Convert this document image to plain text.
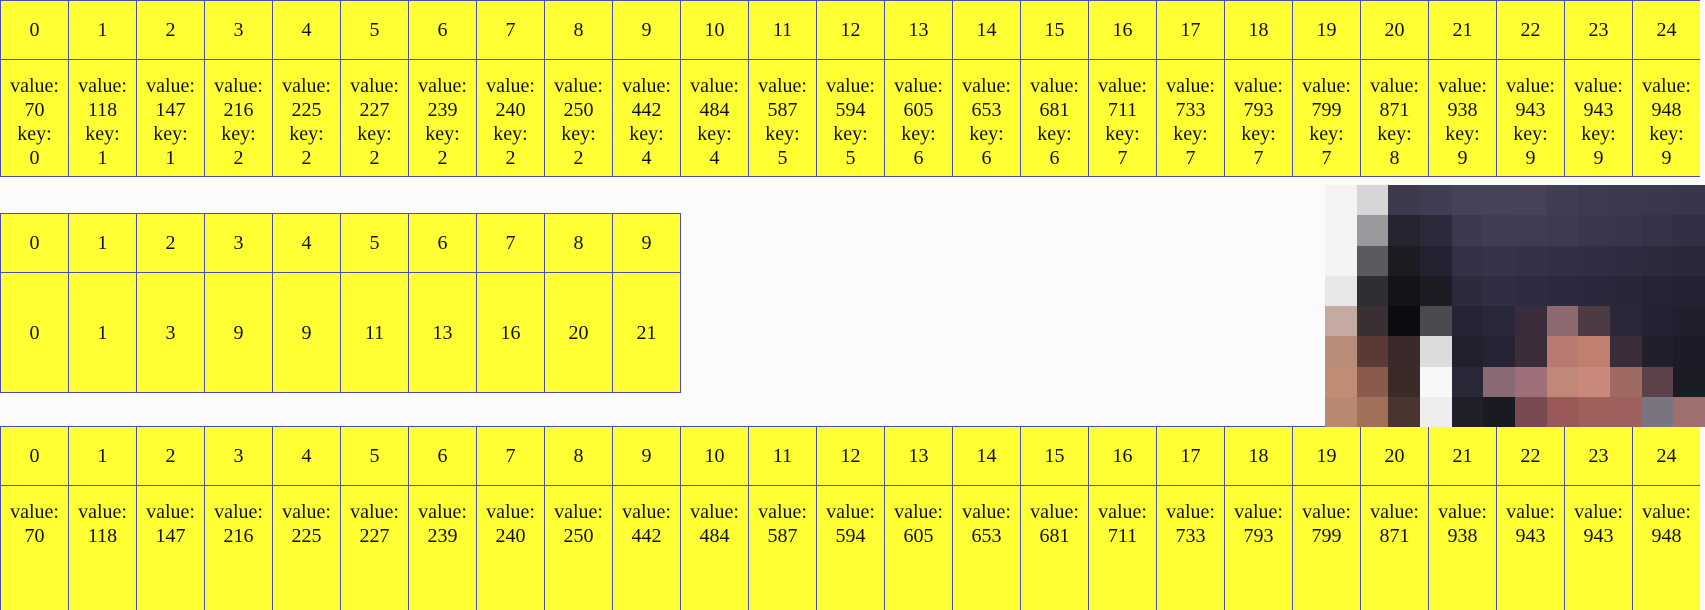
0	1	2	3	4	5	6	7	8	9	10	11	12	13	14	15	16	17	18	19	20	21	22	23	24

value:
70
key:
0	value:
118
key:
1	value:
147
key:
1	value:
216
key:
2	value:
225
key:
2	value:
227
key:
2	value:
239
key:
2	value:
240
key:
2	value:
250
key:
2	value:
442
key:
4	value:
484
key:
4	value:
587
key:
5	value:
594
key:
5	value:
605
key:
6	value:
653
key:
6	value:
681
key:
6	value:
711
key:
7	value:
733
key:
7	value:
793
key:
7	value:
799
key:
7	value:
871
key:
8	value:
938
key:
9	value:
943
key:
9	value:
943
key:
9	value:
948
key:
9
0	1	2	3	4	5	6	7	8	9
0	1	3	9	9	11	13	16	20	21
0	1	2	3	4	5	6	7	8	9	10	11	12	13	14	15	16	17	18	19	20	21	22	23	24

value:
70	value:
118	value:
147	value:
216	value:
225	value:
227	value:
239	value:
240	value:
250	value:
442	value:
484	value:
587	value:
594	value:
605	value:
653	value:
681	value:
711	value:
733	value:
793	value:
799	value:
871	value:
938	value:
943	value:
943	value:
948
